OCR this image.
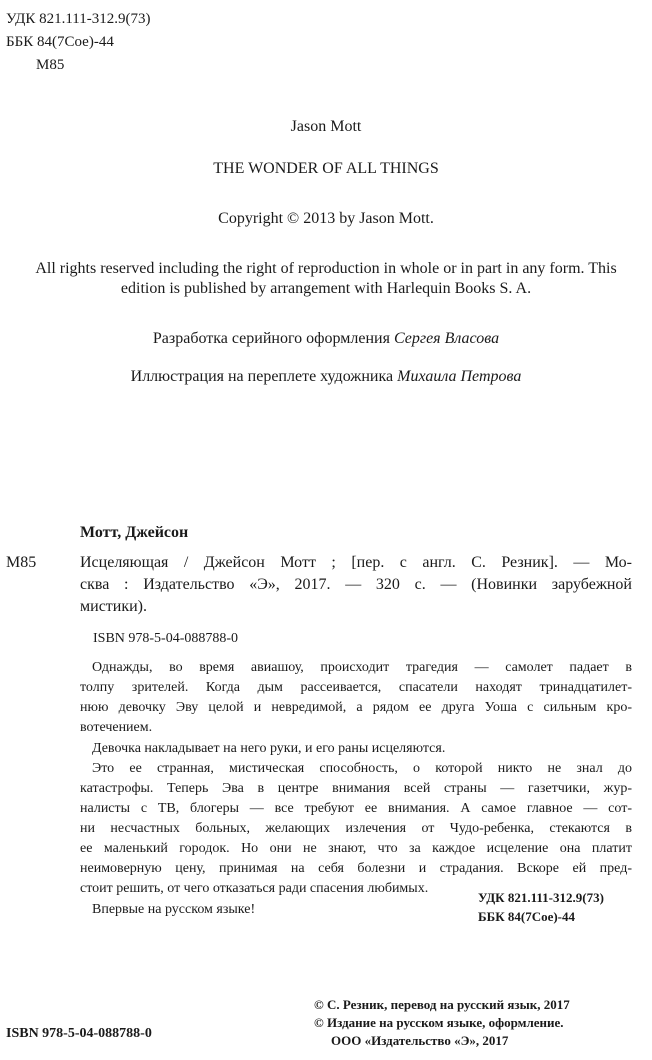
УДК 821.111-312.9(73)
ББК 84(7Сое)-44
М85
Jason Mott
THE WONDER OF ALL THINGS
Copyright © 2013 by Jason Mott.
All rights reserved including the right of reproduction in whole or in part in any form. This edition is published by arrangement with Harlequin Books S. A.
Разработка серийного оформления Сергея Власова
Иллюстрация на переплете художника Михаила Петрова
Мотт, Джейсон
М85	Исцеляющая / Джейсон Мотт ; [пер. с англ. С. Резник]. — Мо-
сква : Издательство «Э», 2017. — 320 с. — (Новинки зарубежной
мистики).
ISBN 978-5-04-088788-0
Однажды, во время авиашоу, происходит трагедия — самолет падает в
толпу зрителей. Когда дым рассеивается, спасатели находят тринадцатилет-
нюю девочку Эву целой и невредимой, а рядом ее друга Уоша с сильным кро-
вотечением.
Девочка накладывает на него руки, и его раны исцеляются.
Это ее странная, мистическая способность, о которой никто не знал до
катастрофы. Теперь Эва в центре внимания всей страны — газетчики, жур-
налисты с ТВ, блогеры — все требуют ее внимания. А самое главное — сот-
ни несчастных больных, желающих излечения от Чудо-ребенка, стекаются в
ее маленький городок. Но они не знают, что за каждое исцеление она платит
неимоверную цену, принимая на себя болезни и страдания. Вскоре ей пред-
стоит решить, от чего отказаться ради спасения любимых.
Впервые на русском языке!
УДК 821.111-312.9(73)
ББК 84(7Сое)-44
© С. Резник, перевод на русский язык, 2017
© Издание на русском языке, оформление.
ООО «Издательство «Э», 2017
ISBN 978-5-04-088788-0
